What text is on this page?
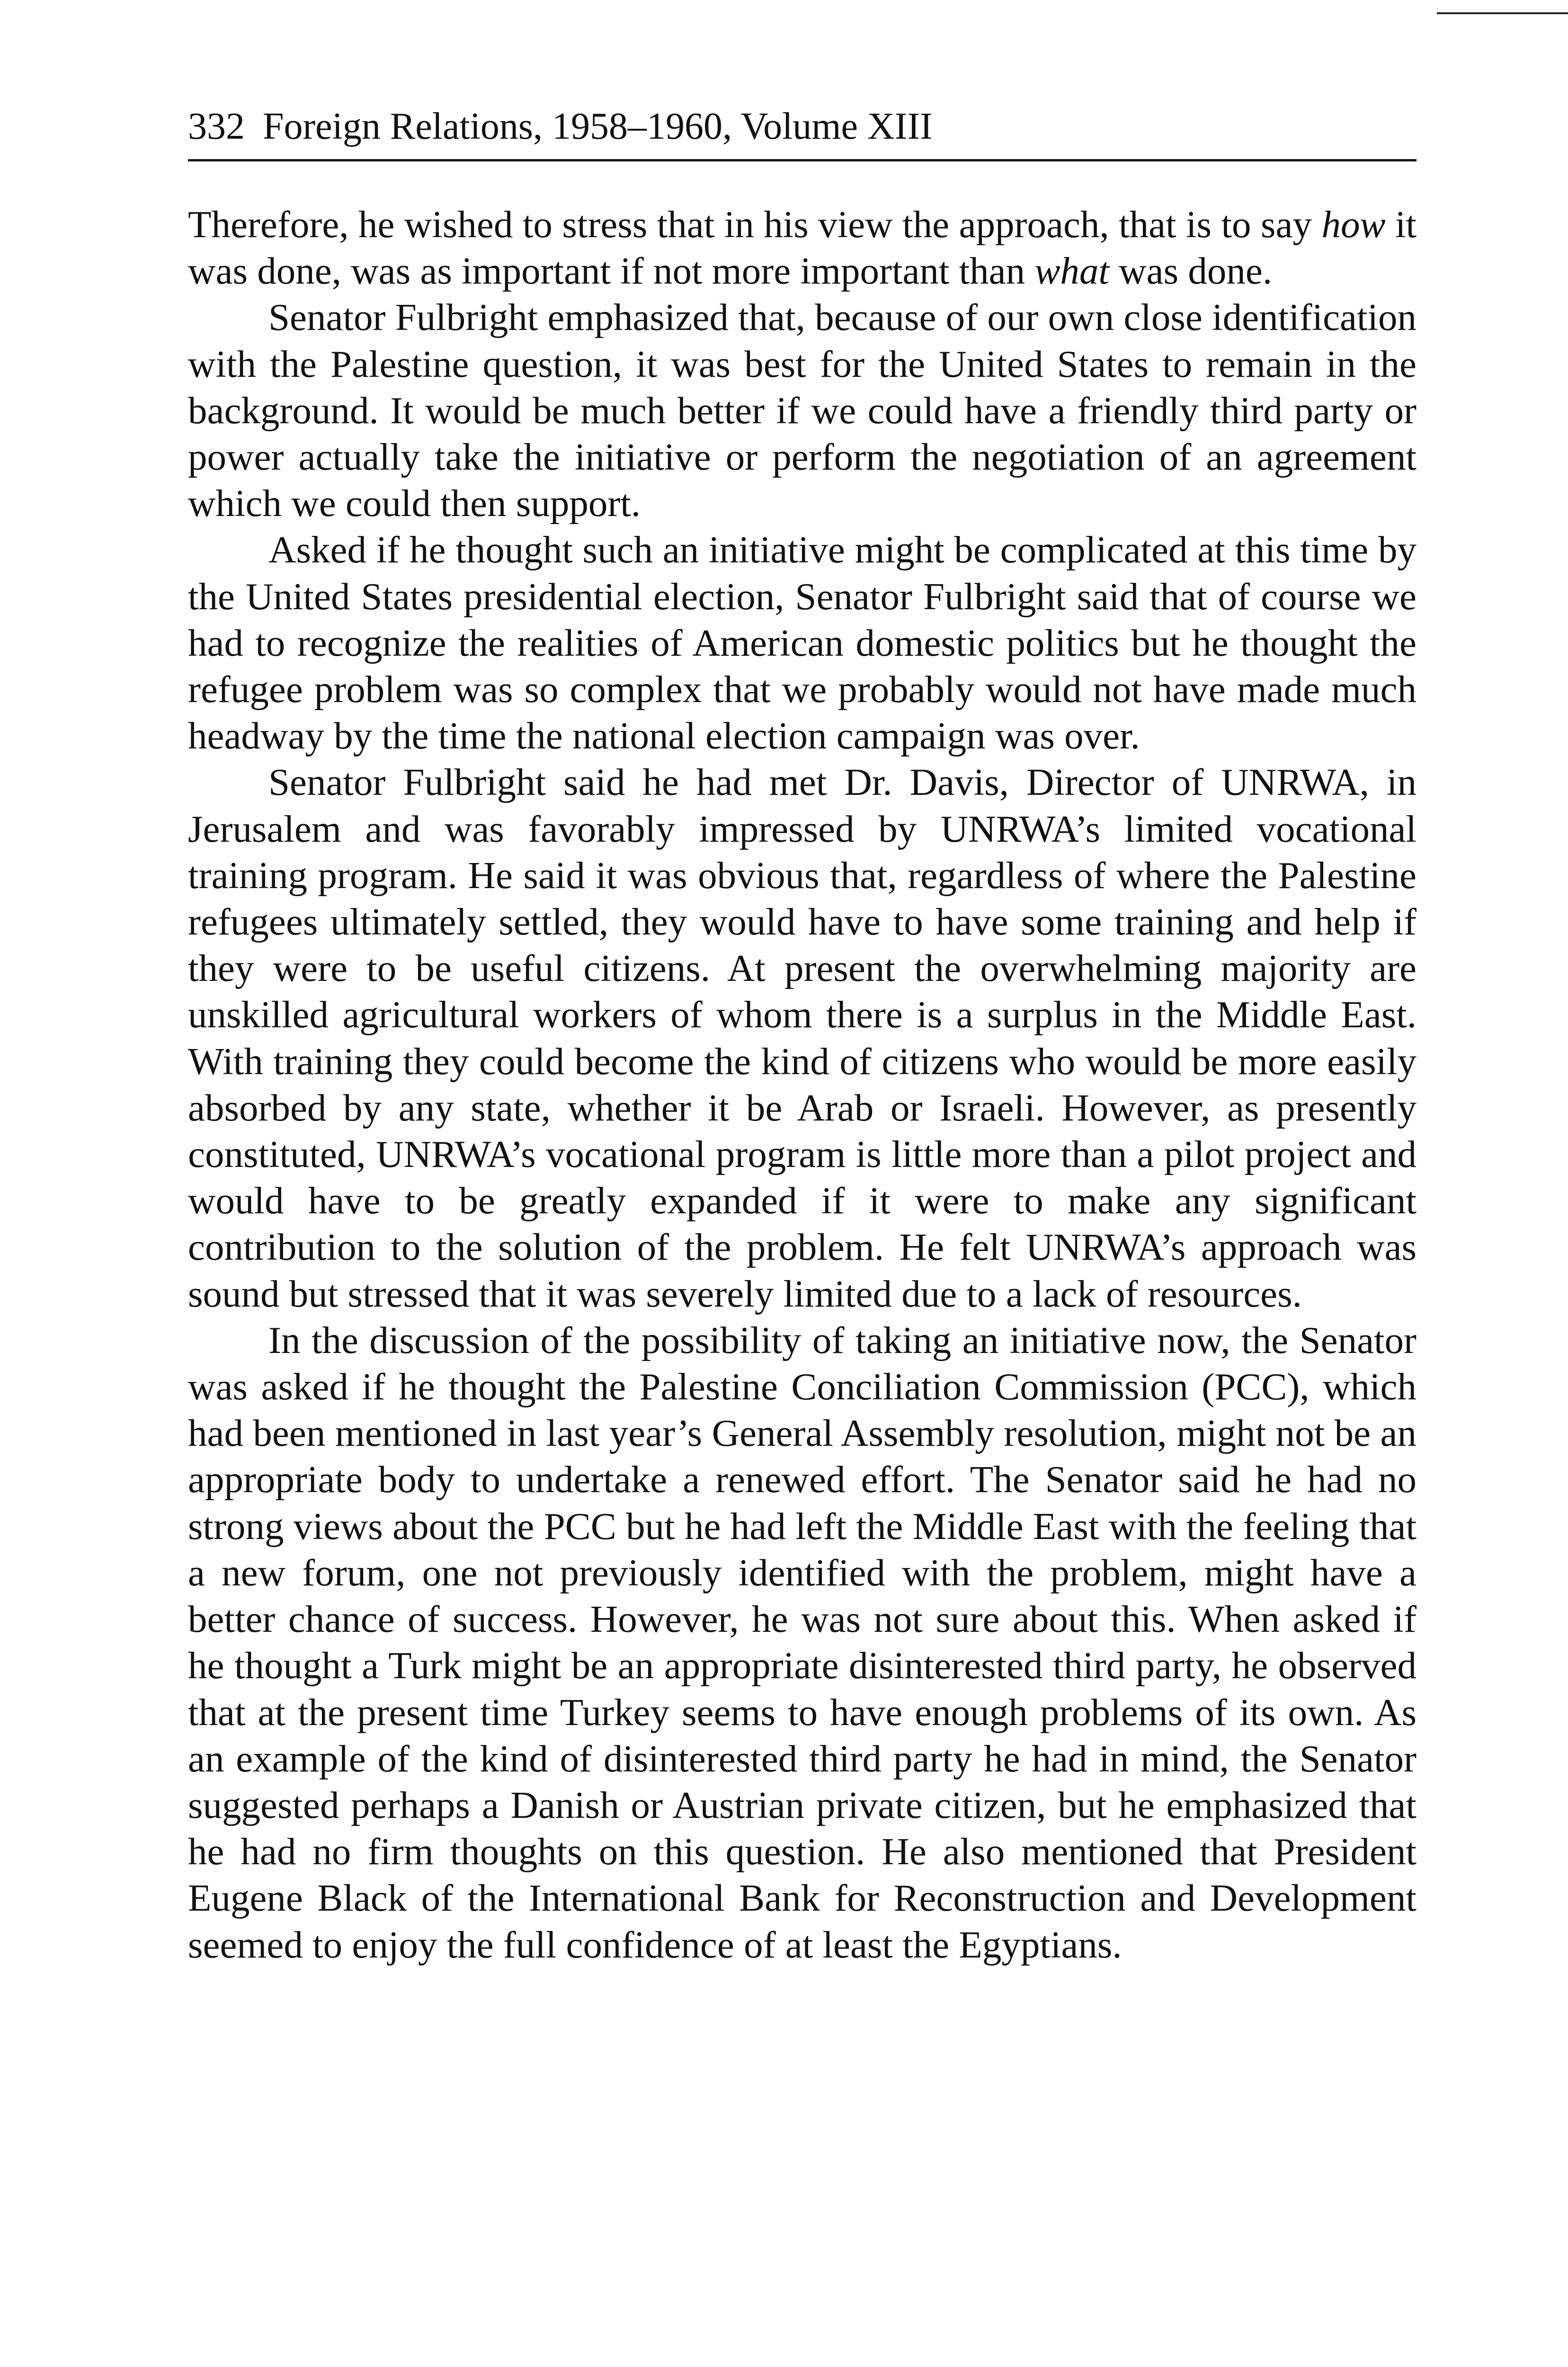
332 Foreign Relations, 1958–1960, Volume XIII

Therefore, he wished to stress that in his view the approach, that is to say how it was done, was as important if not more important than what was done.

Senator Fulbright emphasized that, because of our own close identification with the Palestine question, it was best for the United States to remain in the background. It would be much better if we could have a friendly third party or power actually take the initiative or perform the negotiation of an agreement which we could then support.

Asked if he thought such an initiative might be complicated at this time by the United States presidential election, Senator Fulbright said that of course we had to recognize the realities of American domestic politics but he thought the refugee problem was so complex that we probably would not have made much headway by the time the national election campaign was over.

Senator Fulbright said he had met Dr. Davis, Director of UNRWA, in Jerusalem and was favorably impressed by UNRWA’s limited vocational training program. He said it was obvious that, regardless of where the Palestine refugees ultimately settled, they would have to have some training and help if they were to be useful citizens. At present the overwhelming majority are unskilled agricultural workers of whom there is a surplus in the Middle East. With training they could become the kind of citizens who would be more easily absorbed by any state, whether it be Arab or Israeli. However, as presently constituted, UNRWA’s vocational program is little more than a pilot project and would have to be greatly expanded if it were to make any significant contribution to the solution of the problem. He felt UNRWA’s approach was sound but stressed that it was severely limited due to a lack of resources.

In the discussion of the possibility of taking an initiative now, the Senator was asked if he thought the Palestine Conciliation Commission (PCC), which had been mentioned in last year’s General Assembly resolution, might not be an appropriate body to undertake a renewed effort. The Senator said he had no strong views about the PCC but he had left the Middle East with the feeling that a new forum, one not previously identified with the problem, might have a better chance of success. However, he was not sure about this. When asked if he thought a Turk might be an appropriate disinterested third party, he observed that at the present time Turkey seems to have enough problems of its own. As an example of the kind of disinterested third party he had in mind, the Senator suggested perhaps a Danish or Austrian private citizen, but he emphasized that he had no firm thoughts on this question. He also mentioned that President Eugene Black of the International Bank for Reconstruction and Development seemed to enjoy the full confidence of at least the Egyptians.
